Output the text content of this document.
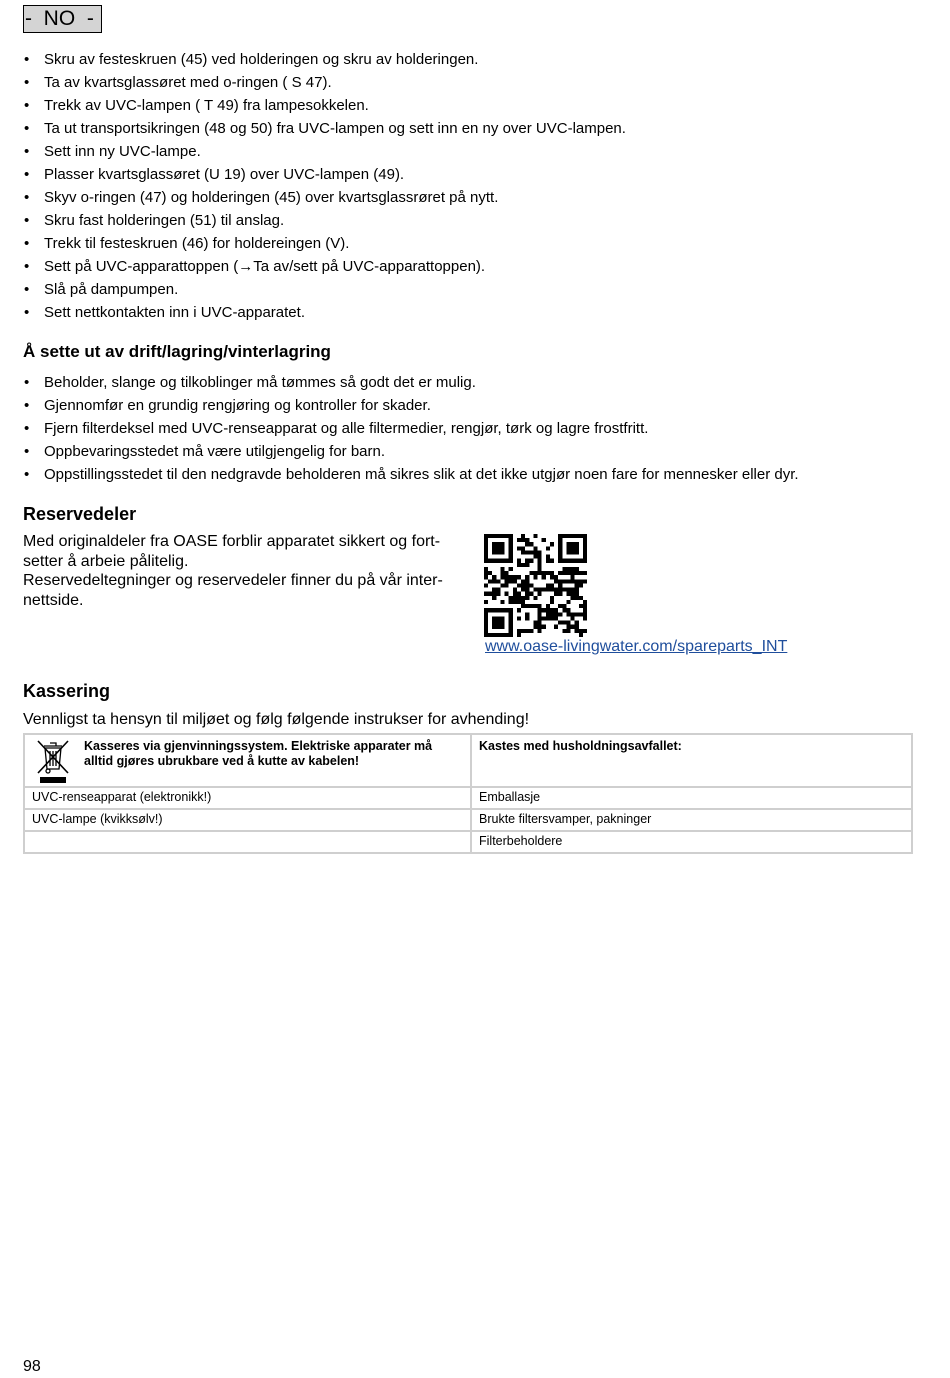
-  NO  -
• Skru av festeskruen (45) ved holderingen og skru av holderingen.
• Ta av kvartsglassøret med o-ringen ( S 47).
• Trekk av UVC-lampen ( T 49) fra lampesokkelen.
• Ta ut transportsikringen (48 og 50) fra UVC-lampen og sett inn en ny over UVC-lampen.
• Sett inn ny UVC-lampe.
• Plasser kvartsglassøret (U 19) over UVC-lampen (49).
• Skyv o-ringen (47) og holderingen (45) over kvartsglassrøret på nytt.
• Skru fast holderingen (51) til anslag.
• Trekk til festeskruen (46) for holdereingen (V).
• Sett på UVC-apparattoppen (→Ta av/sett på UVC-apparattoppen).
• Slå på dampumpen.
• Sett nettkontakten inn i UVC-apparatet.
Å sette ut av drift/lagring/vinterlagring
• Beholder, slange og tilkoblinger må tømmes så godt det er mulig.
• Gjennomfør en grundig rengjøring og kontroller for skader.
• Fjern filterdeksel med UVC-renseapparat og alle filtermedier, rengjør, tørk og lagre frostfritt.
• Oppbevaringsstedet må være utilgjengelig for barn.
• Oppstillingsstedet til den nedgravde beholderen må sikres slik at det ikke utgjør noen fare for mennesker eller dyr.
Reservedeler
Med originaldeler fra OASE forblir apparatet sikkert og fort-
setter å arbeie pålitelig.
Reservedeltegninger og reservedeler finner du på vår inter-
nettside.
www.oase-livingwater.com/spareparts_INT
Kassering
Vennligst ta hensyn til miljøet og følg følgende instrukser for avhending!
Kasseres via gjenvinningssystem. Elektriske apparater må alltid gjøres ubrukbare ved å kutte av kabelen!	Kastes med husholdningsavfallet:

UVC-renseapparat (elektronikk!)	Emballasje
UVC-lampe (kvikksølv!)	Brukte filtersvamper, pakninger
	Filterbeholdere
98
